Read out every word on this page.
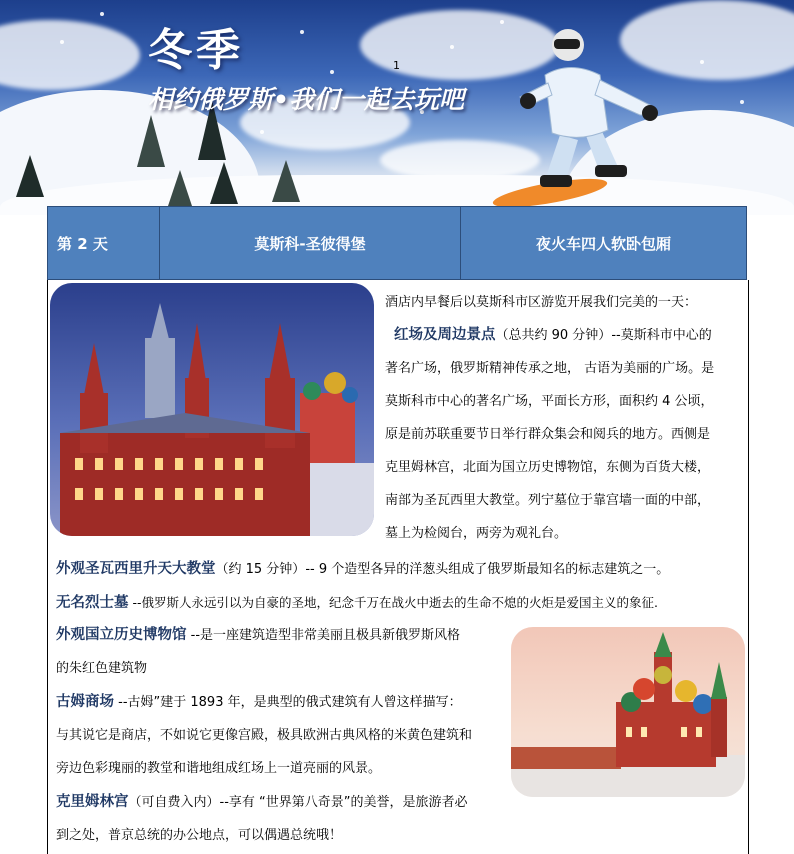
冬季
相约俄罗斯•我们一起去玩吧
1
第 2 天	莫斯科-圣彼得堡	夜火车四人软卧包厢

酒店内早餐后以莫斯科市区游览开展我们完美的一天：

红场及周边景点（总共约 90 分钟）--莫斯科市中心的

著名广场，俄罗斯精神传承之地， 古语为美丽的广场。是

莫斯科市中心的著名广场，平面长方形，面积约 4 公顷，

原是前苏联重要节日举行群众集会和阅兵的地方。西侧是

克里姆林宫，北面为国立历史博物馆，东侧为百货大楼，

南部为圣瓦西里大教堂。列宁墓位于靠宫墙一面的中部，

墓上为检阅台，两旁为观礼台。

外观圣瓦西里升天大教堂（约 15 分钟）-- 9 个造型各异的洋葱头组成了俄罗斯最知名的标志建筑之一。

无名烈士墓 --俄罗斯人永远引以为自豪的圣地，纪念千万在战火中逝去的生命不熄的火炬是爱国主义的象征.

外观国立历史博物馆 --是一座建筑造型非常美丽且极具新俄罗斯风格

的朱红色建筑物

古姆商场 --古姆”建于 1893 年，是典型的俄式建筑有人曾这样描写：

与其说它是商店，不如说它更像宫殿，极具欧洲古典风格的米黄色建筑和

旁边色彩瑰丽的教堂和谐地组成红场上一道亮丽的风景。

克里姆林宫（可自费入内）--享有 “世界第八奇景”的美誉，是旅游者必

到之处，普京总统的办公地点，可以偶遇总统哦！
